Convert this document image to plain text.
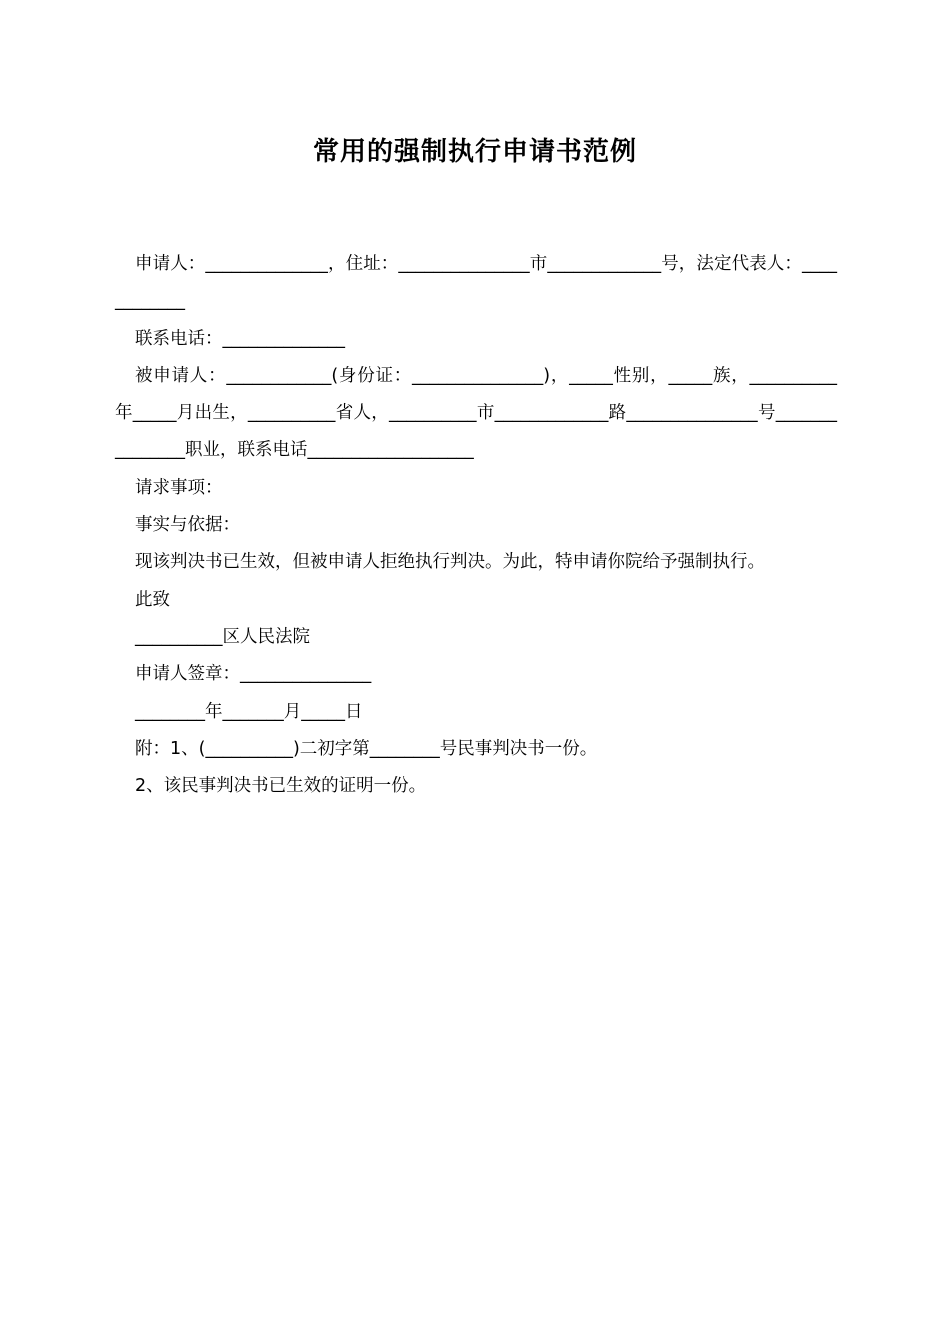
常用的强制执行申请书范例

申请人：______________，住址：_______________市_____________号，法定代表人：____________

联系电话：______________

被申请人：____________(身份证：_______________)，_____性别，_____族，__________年_____月出生，__________省人，__________市_____________路_______________号_______________职业，联系电话___________________

请求事项：

事实与依据：

现该判决书已生效，但被申请人拒绝执行判决。为此，特申请你院给予强制执行。

此致

__________区人民法院

申请人签章：_______________

________年_______月_____日

附：1、(__________)二初字第________号民事判决书一份。

2、该民事判决书已生效的证明一份。
